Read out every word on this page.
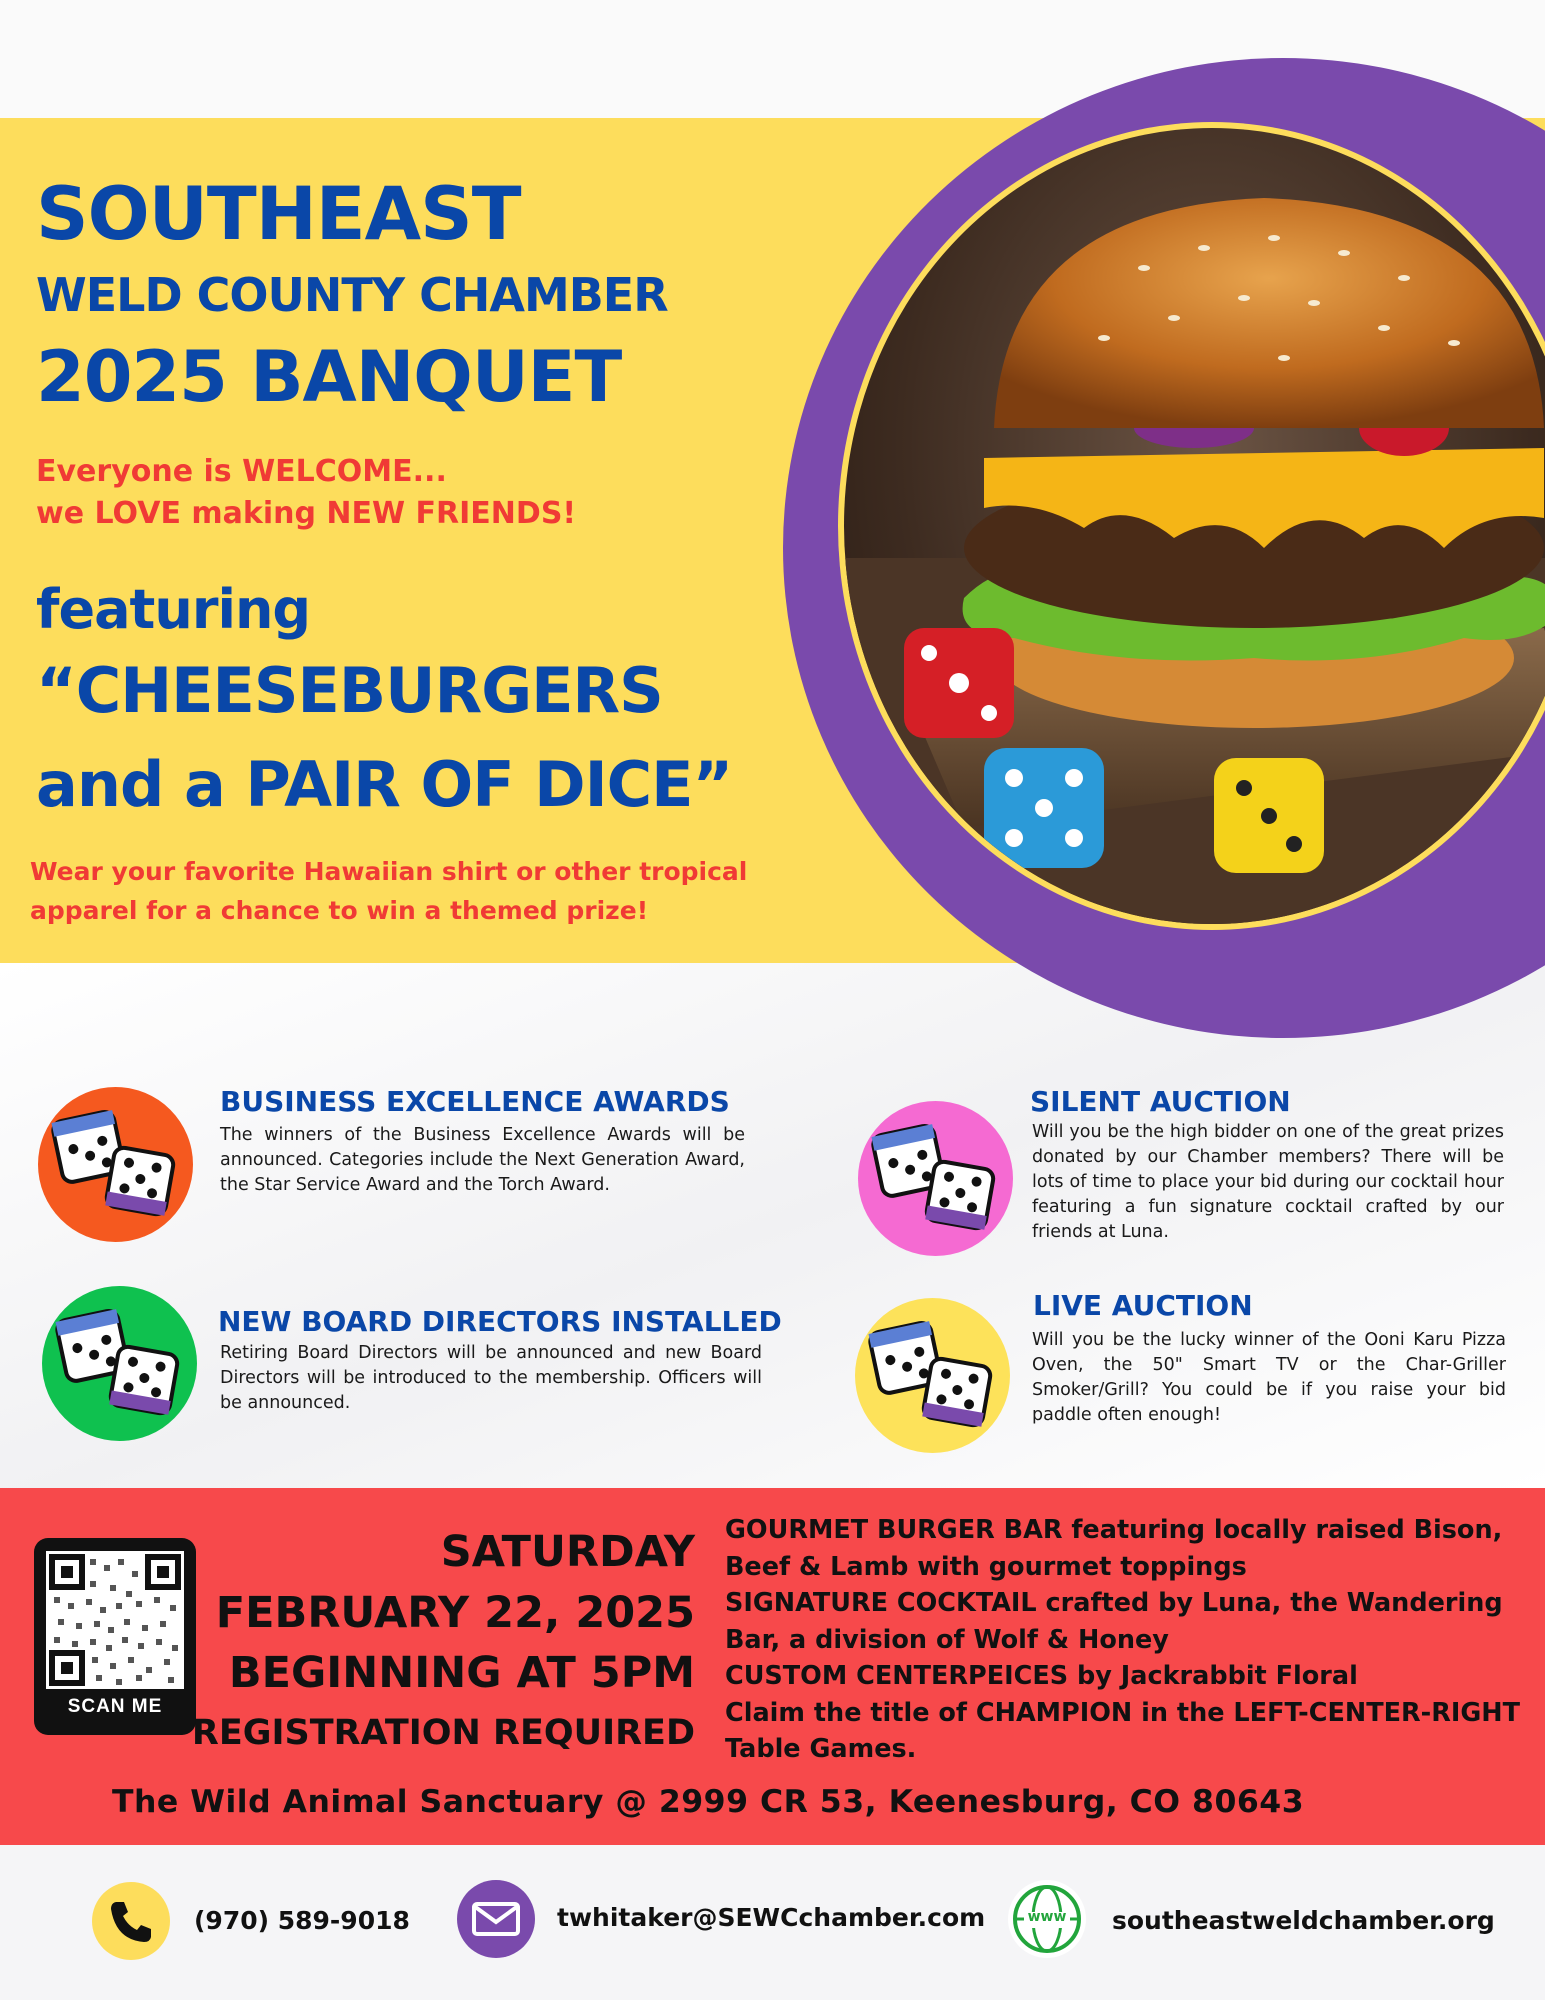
SOUTHEAST
WELD COUNTY CHAMBER
2025 BANQUET
Everyone is WELCOME...
we LOVE making NEW FRIENDS!
featuring
“CHEESEBURGERS
and a PAIR OF DICE”
Wear your favorite Hawaiian shirt or other tropical
apparel for a chance to win a themed prize!
BUSINESS EXCELLENCE AWARDS
The winners of the Business Excellence Awards will be announced. Categories include the Next Generation Award, the Star Service Award and the Torch Award.
SILENT AUCTION
Will you be the high bidder on one of the great prizes donated by our Chamber members? There will be lots of time to place your bid during our cocktail hour featuring a fun signature cocktail crafted by our friends at Luna.
NEW BOARD DIRECTORS INSTALLED
Retiring Board Directors will be announced and new Board Directors will be introduced to the membership. Officers will be announced.
LIVE AUCTION
Will you be the lucky winner of the Ooni Karu Pizza Oven, the 50" Smart TV or the Char-Griller Smoker/Grill? You could be if you raise your bid paddle often enough!
SCAN ME
SATURDAY
FEBRUARY 22, 2025
BEGINNING AT 5PM
REGISTRATION REQUIRED
GOURMET BURGER BAR featuring locally raised Bison,
Beef & Lamb with gourmet toppings
SIGNATURE COCKTAIL crafted by Luna, the Wandering
Bar, a division of Wolf & Honey
CUSTOM CENTERPEICES by Jackrabbit Floral
Claim the title of CHAMPION in the LEFT-CENTER-RIGHT
Table Games.
The Wild Animal Sanctuary @ 2999 CR 53, Keenesburg, CO 80643
(970) 589-9018	twhitaker@SEWCchamber.com	www	southeastweldchamber.org
